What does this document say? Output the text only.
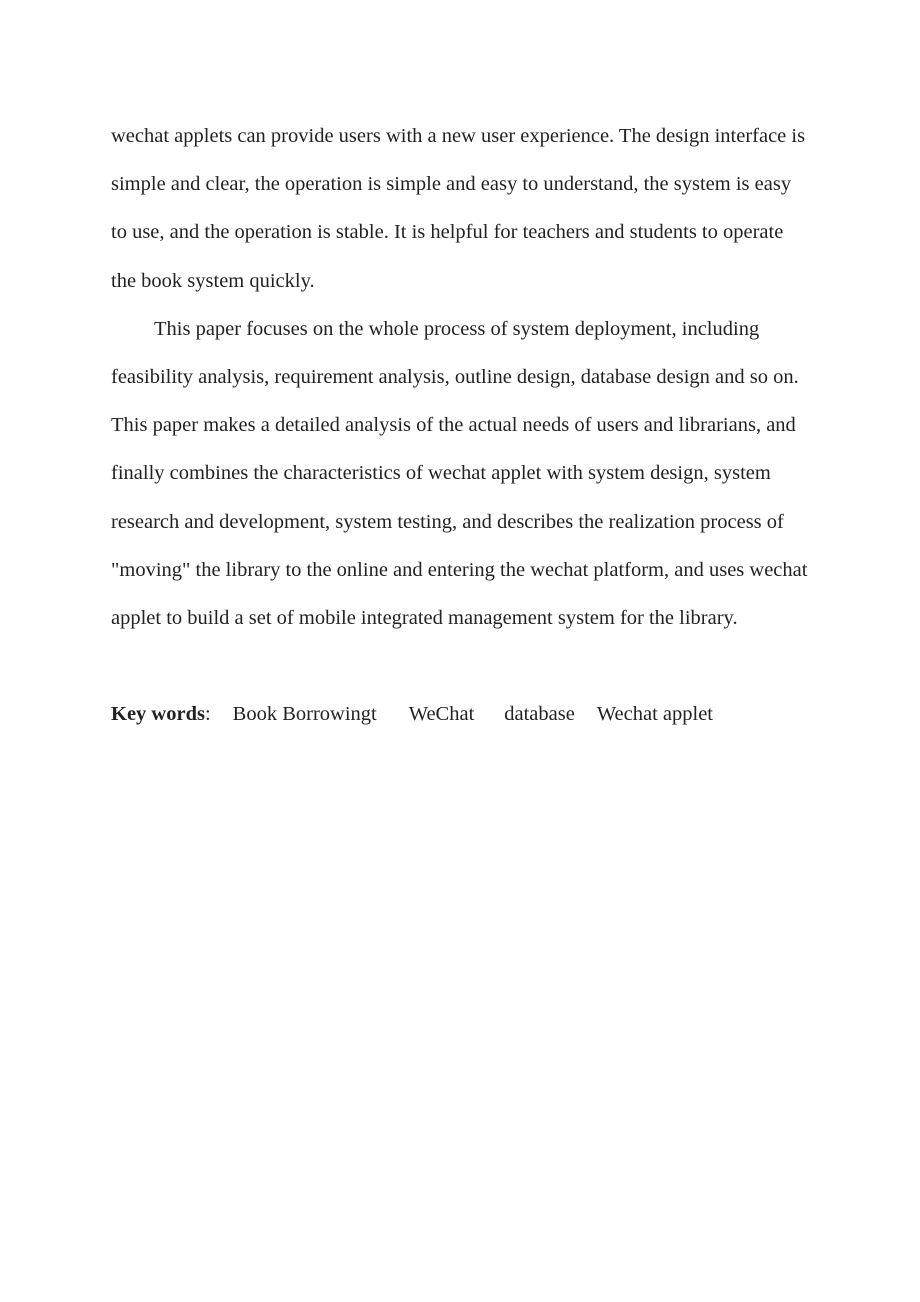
wechat applets can provide users with a new user experience. The design interface is simple and clear, the operation is simple and easy to understand, the system is easy to use, and the operation is stable. It is helpful for teachers and students to operate the book system quickly.

This paper focuses on the whole process of system deployment, including feasibility analysis, requirement analysis, outline design, database design and so on. This paper makes a detailed analysis of the actual needs of users and librarians, and finally combines the characteristics of wechat applet with system design, system research and development, system testing, and describes the realization process of "moving" the library to the online and entering the wechat platform, and uses wechat applet to build a set of mobile integrated management system for the library.

Key words: Book Borrowingt WeChat database Wechat applet
